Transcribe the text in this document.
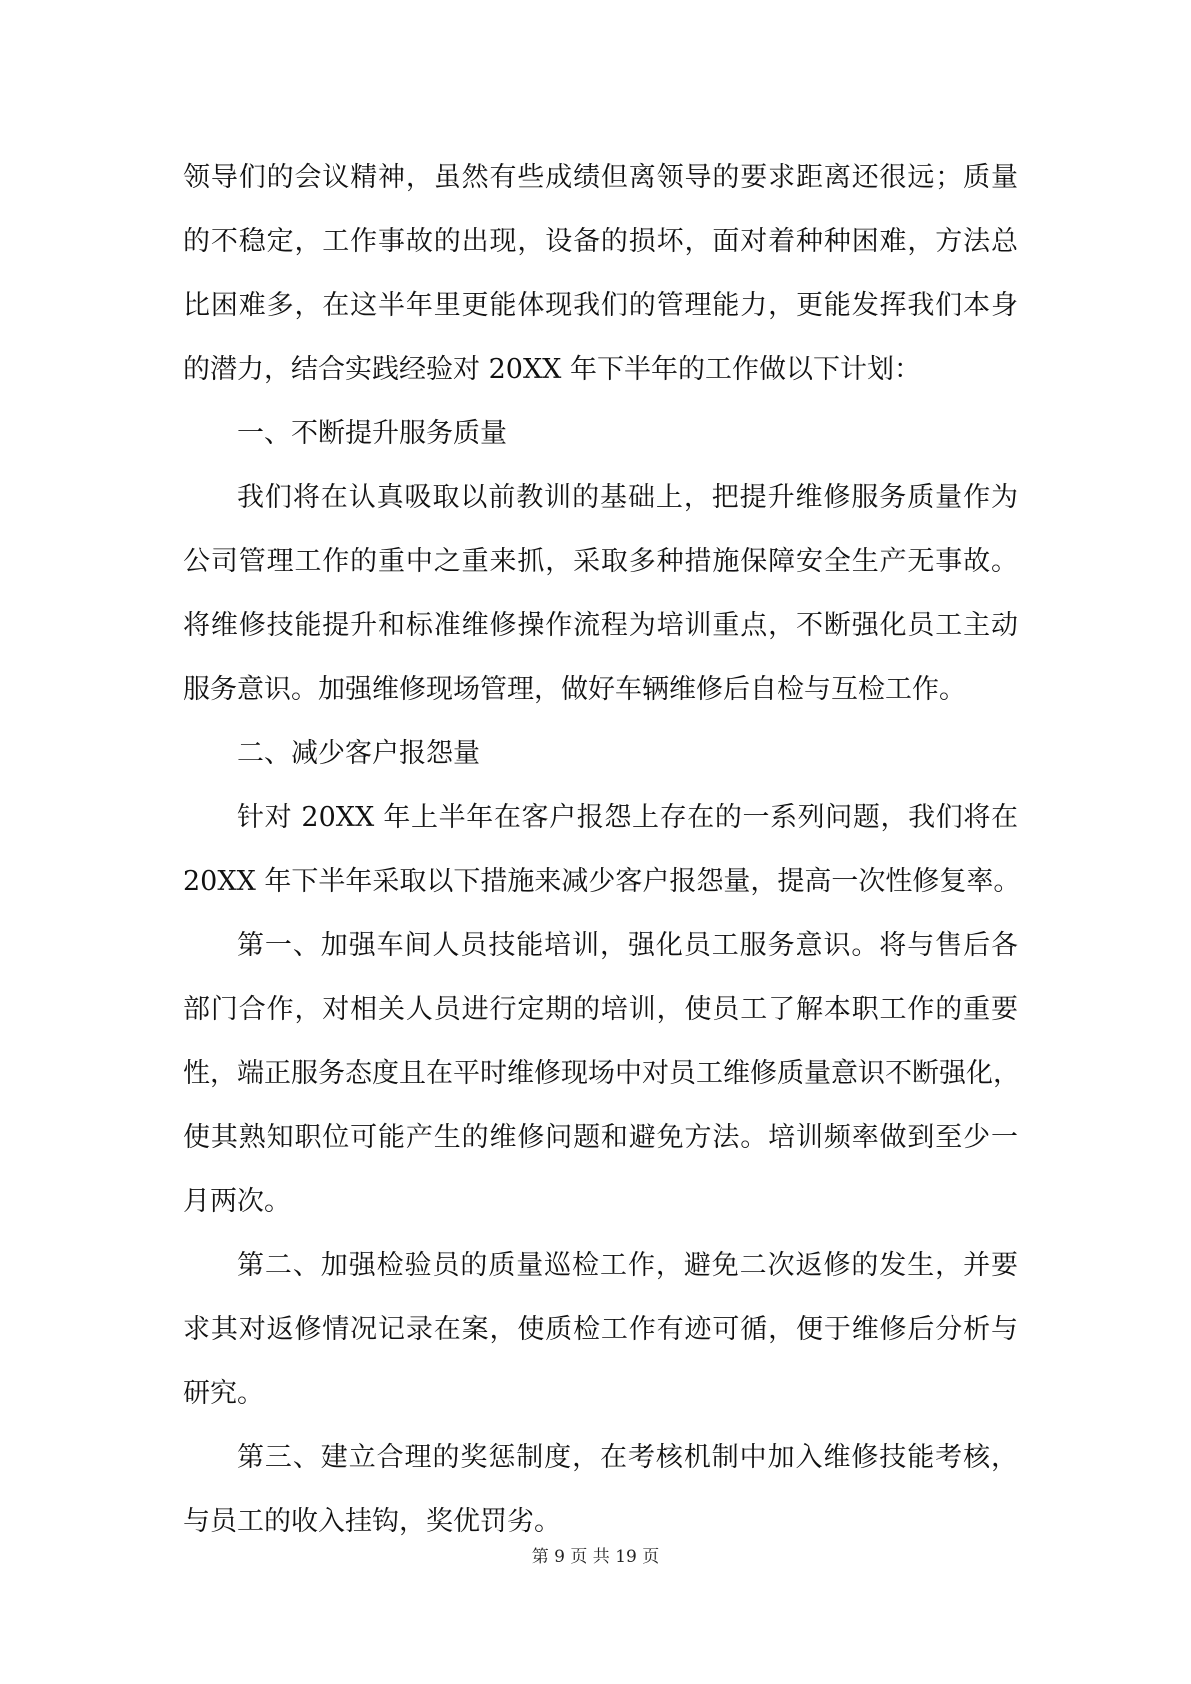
领导们的会议精神，虽然有些成绩但离领导的要求距离还很远；质量
的不稳定，工作事故的出现，设备的损坏，面对着种种困难，方法总
比困难多，在这半年里更能体现我们的管理能力，更能发挥我们本身
的潜力，结合实践经验对 20XX 年下半年的工作做以下计划：

一、不断提升服务质量

我们将在认真吸取以前教训的基础上，把提升维修服务质量作为
公司管理工作的重中之重来抓，采取多种措施保障安全生产无事故。
将维修技能提升和标准维修操作流程为培训重点，不断强化员工主动
服务意识。加强维修现场管理，做好车辆维修后自检与互检工作。

二、减少客户报怨量

针对 20XX 年上半年在客户报怨上存在的一系列问题，我们将在
20XX 年下半年采取以下措施来减少客户报怨量，提高一次性修复率。

第一、加强车间人员技能培训，强化员工服务意识。将与售后各
部门合作，对相关人员进行定期的培训，使员工了解本职工作的重要
性，端正服务态度且在平时维修现场中对员工维修质量意识不断强化，
使其熟知职位可能产生的维修问题和避免方法。培训频率做到至少一
月两次。

第二、加强检验员的质量巡检工作，避免二次返修的发生，并要
求其对返修情况记录在案，使质检工作有迹可循，便于维修后分析与
研究。

第三、建立合理的奖惩制度，在考核机制中加入维修技能考核，
与员工的收入挂钩，奖优罚劣。

第 9 页 共 19 页
